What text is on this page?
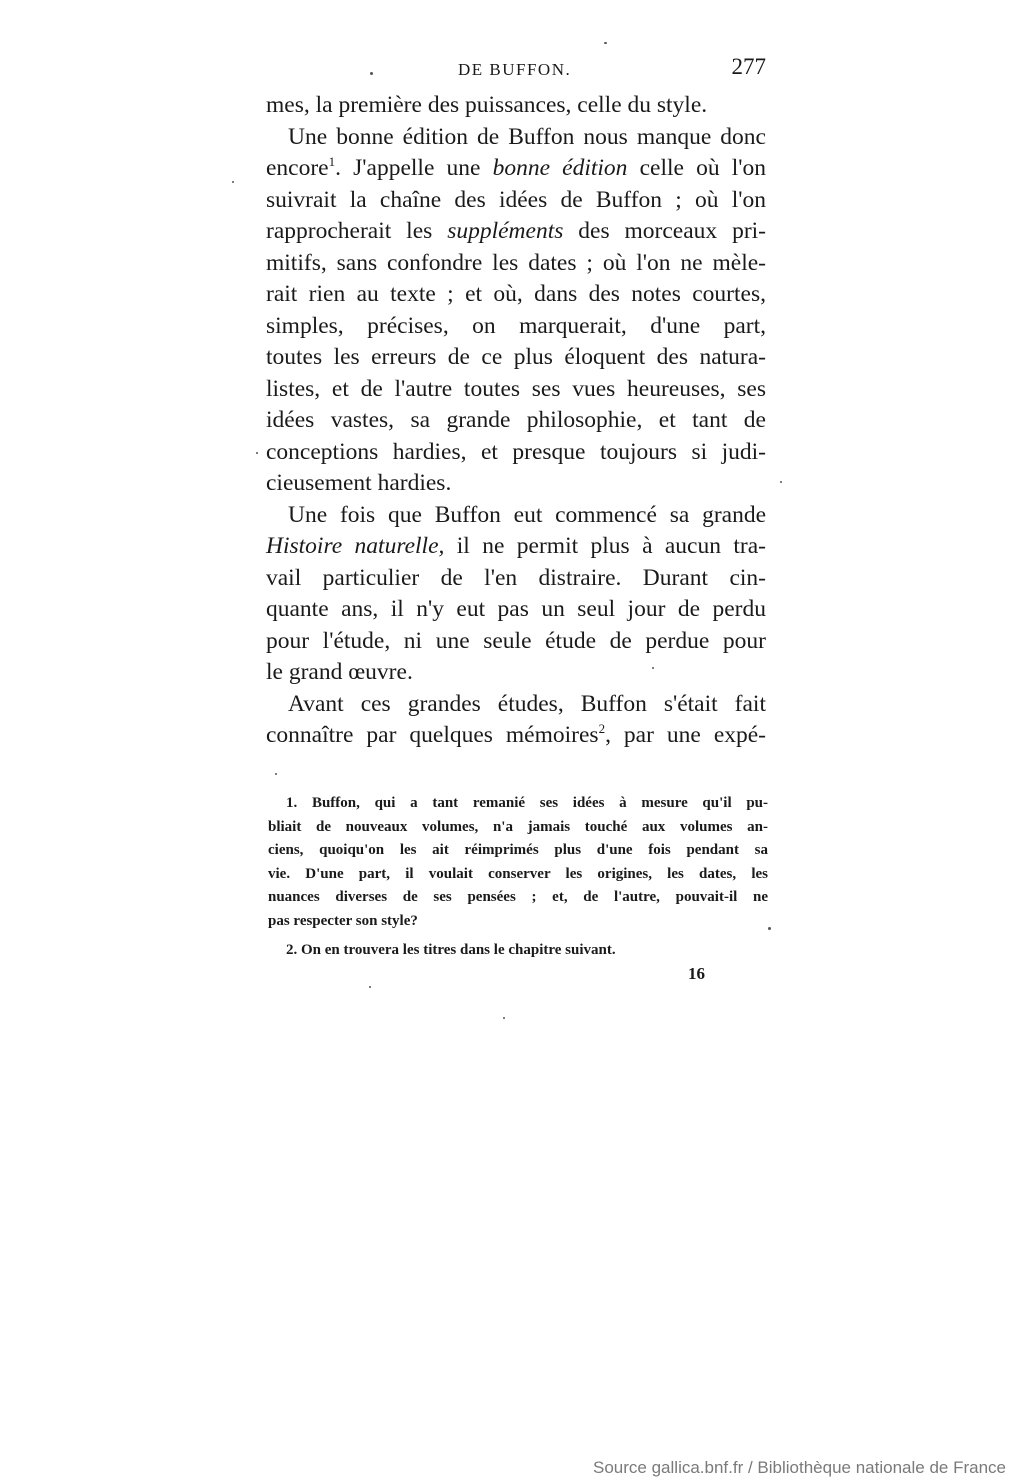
DE BUFFON.	277
mes, la première des puissances, celle du style.
Une bonne édition de Buffon nous manque donc
encore$^1$. J'appelle une bonne édition celle où l'on
suivrait la chaîne des idées de Buffon ; où l'on
rapprocherait les suppléments des morceaux pri-
mitifs, sans confondre les dates ; où l'on ne mèle-
rait rien au texte ; et où, dans des notes courtes,
simples, précises, on marquerait, d'une part,
toutes les erreurs de ce plus éloquent des natura-
listes, et de l'autre toutes ses vues heureuses, ses
idées vastes, sa grande philosophie, et tant de
conceptions hardies, et presque toujours si judi-
cieusement hardies.
Une fois que Buffon eut commencé sa grande
Histoire naturelle, il ne permit plus à aucun tra-
vail particulier de l'en distraire. Durant cin-
quante ans, il n'y eut pas un seul jour de perdu
pour l'étude, ni une seule étude de perdue pour
le grand œuvre.
Avant ces grandes études, Buffon s'était fait
connaître par quelques mémoires$^2$, par une expé-
1. Buffon, qui a tant remanié ses idées à mesure qu'il pu-
bliait de nouveaux volumes, n'a jamais touché aux volumes an-
ciens, quoiqu'on les ait réimprimés plus d'une fois pendant sa
vie. D'une part, il voulait conserver les origines, les dates, les
nuances diverses de ses pensées ; et, de l'autre, pouvait-il ne
pas respecter son style?
2. On en trouvera les titres dans le chapitre suivant.
16
Source gallica.bnf.fr / Bibliothèque nationale de France
